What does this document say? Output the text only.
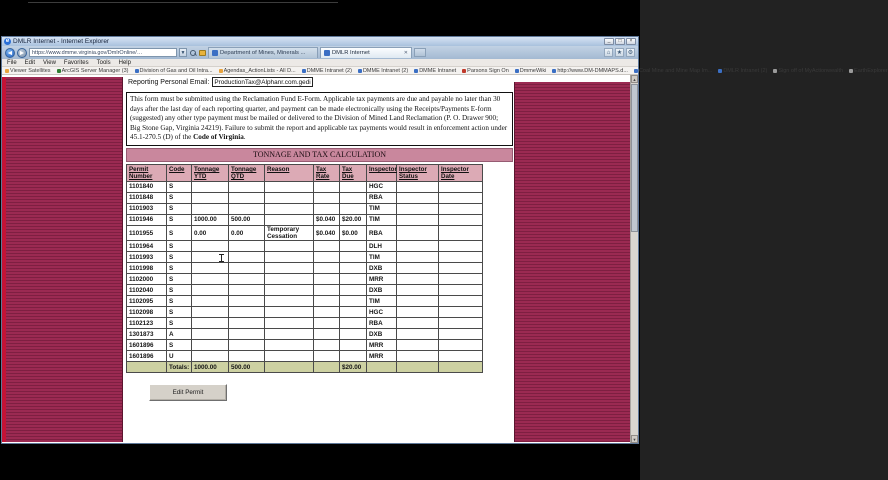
e DMLR Internet - Internet Explorer	_	□	×
◄ ►	https://www.dmme.virginia.gov/DmlrOnline/…	▼	Department of Mines, Minerals ...	DMLR Internet	✕	⌂	★ ⚙
File Edit View Favorites Tools Help
Viewer Satellites ArcGIS Server Manager (3) Division of Gas and Oil Intra... Agendas_ActionLists - All D... DMME Intranet (2) DMME Intranet (2) DMME Intranet Parsons Sign On DmmeWiki http://www.DM-DMMAPS.d... Coal Mine and Mine Map Im... DMLR Intranet (2) Sign off of MyActionwealth EarthExplorer
Reporting Personal Email: ProductionTax@Alphanr.com.gedi
This form must be submitted using the Reclamation Fund E-Form. Applicable tax payments are due and payable no later than 30 days after the last day of each reporting quarter, and payment can be made electronically using the Receipts/Payments E-form (suggested) any other type payment must be mailed or delivered to the Division of Mined Land Reclamation (P. O. Drawer 900; Big Stone Gap, Virginia 24219). Failure to submit the report and applicable tax payments would result in enforcement action under 45.1-270.5 (D) of the Code of Virginia.
TONNAGE AND TAX CALCULATION
Permit Number	Code	Tonnage YTD	Tonnage QTD	Reason	Tax Rate	Tax Due	Inspector	Inspector Status	Inspector Date
1101840	S						HGC		
1101848	S						RBA		
1101903	S						TIM		
1101946	S	1000.00	500.00		$0.040	$20.00	TIM		
1101955	S	0.00	0.00	Temporary Cessation	$0.040	$0.00	RBA		
1101964	S						DLH		
1101993	S						TIM		
1101998	S						DXB		
1102000	S						MRR		
1102040	S						DXB		
1102095	S						TIM		
1102098	S						HGC		
1102123	S						RBA		
1301873	A						DXB		
1601896	S						MRR		
1601896	U						MRR		
	Totals:	1000.00	500.00			$20.00			
Edit Permit
▲
▼
